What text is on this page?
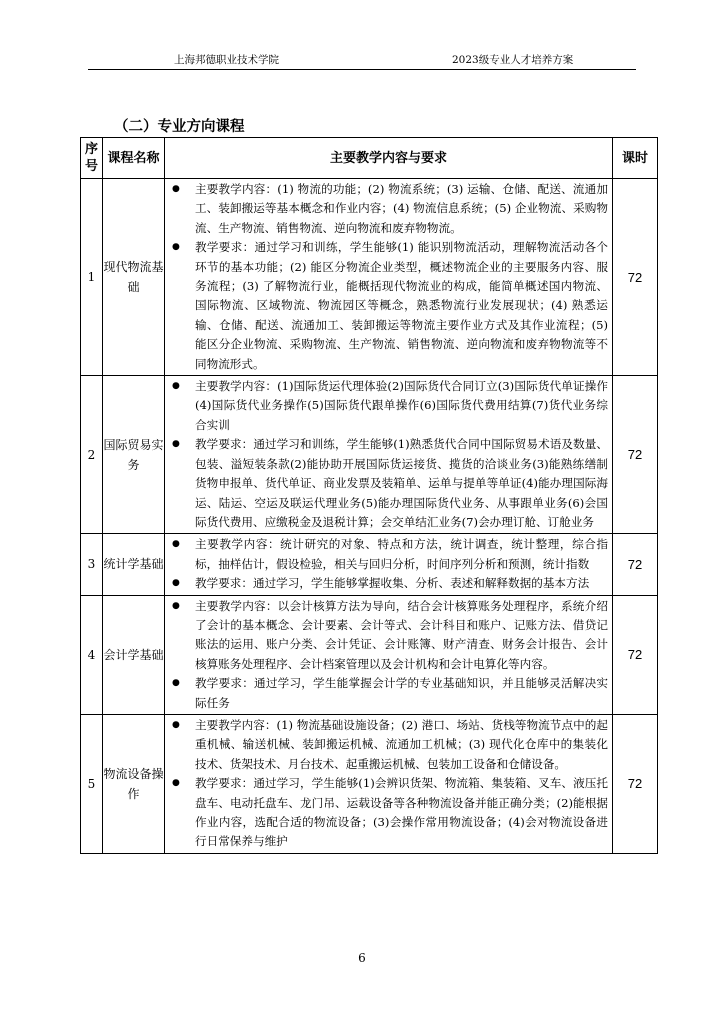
上海邦德职业技术学院	2023级专业人才培养方案
（二）专业方向课程
序号	课程名称	主要教学内容与要求	课时
1	现代物流基础	● 主要教学内容：(1) 物流的功能；(2) 物流系统；(3) 运输、仓储、配送、流通加工、装卸搬运等基本概念和作业内容；(4) 物流信息系统；(5) 企业物流、采购物流、生产物流、销售物流、逆向物流和废弃物物流。
● 教学要求：通过学习和训练，学生能够(1) 能识别物流活动，理解物流活动各个环节的基本功能；(2) 能区分物流企业类型，概述物流企业的主要服务内容、服务流程；(3) 了解物流行业，能概括现代物流业的构成，能简单概述国内物流、国际物流、区域物流、物流园区等概念，熟悉物流行业发展现状；(4) 熟悉运输、仓储、配送、流通加工、装卸搬运等物流主要作业方式及其作业流程；(5) 能区分企业物流、采购物流、生产物流、销售物流、逆向物流和废弃物物流等不同物流形式。	72
2	国际贸易实务	● 主要教学内容：(1)国际货运代理体验(2)国际货代合同订立(3)国际货代单证操作(4)国际货代业务操作(5)国际货代跟单操作(6)国际货代费用结算(7)货代业务综合实训
● 教学要求：通过学习和训练，学生能够(1)熟悉货代合同中国际贸易术语及数量、包装、溢短装条款(2)能协助开展国际货运接货、揽货的洽谈业务(3)能熟练缮制货物申报单、货代单证、商业发票及装箱单、运单与提单等单证(4)能办理国际海运、陆运、空运及联运代理业务(5)能办理国际货代业务、从事跟单业务(6)会国际货代费用、应缴税金及退税计算；会交单结汇业务(7)会办理订舱、订舱业务	72
3	统计学基础	● 主要教学内容：统计研究的对象、特点和方法，统计调查，统计整理，综合指标，抽样估计，假设检验，相关与回归分析，时间序列分析和预测，统计指数
● 教学要求：通过学习，学生能够掌握收集、分析、表述和解释数据的基本方法	72
4	会计学基础	● 主要教学内容：以会计核算方法为导向，结合会计核算账务处理程序，系统介绍了会计的基本概念、会计要素、会计等式、会计科目和账户、记账方法、借贷记账法的运用、账户分类、会计凭证、会计账簿、财产清查、财务会计报告、会计核算账务处理程序、会计档案管理以及会计机构和会计电算化等内容。
● 教学要求：通过学习，学生能掌握会计学的专业基础知识，并且能够灵活解决实际任务	72
5	物流设备操作	● 主要教学内容：(1) 物流基础设施设备；(2) 港口、场站、货栈等物流节点中的起重机械、输送机械、装卸搬运机械、流通加工机械；(3) 现代化仓库中的集装化技术、货架技术、月台技术、起重搬运机械、包装加工设备和仓储设备。
● 教学要求：通过学习，学生能够(1)会辨识货架、物流箱、集装箱、叉车、液压托盘车、电动托盘车、龙门吊、运载设备等各种物流设备并能正确分类；(2)能根据作业内容，选配合适的物流设备；(3)会操作常用物流设备；(4)会对物流设备进行日常保养与维护	72
6
